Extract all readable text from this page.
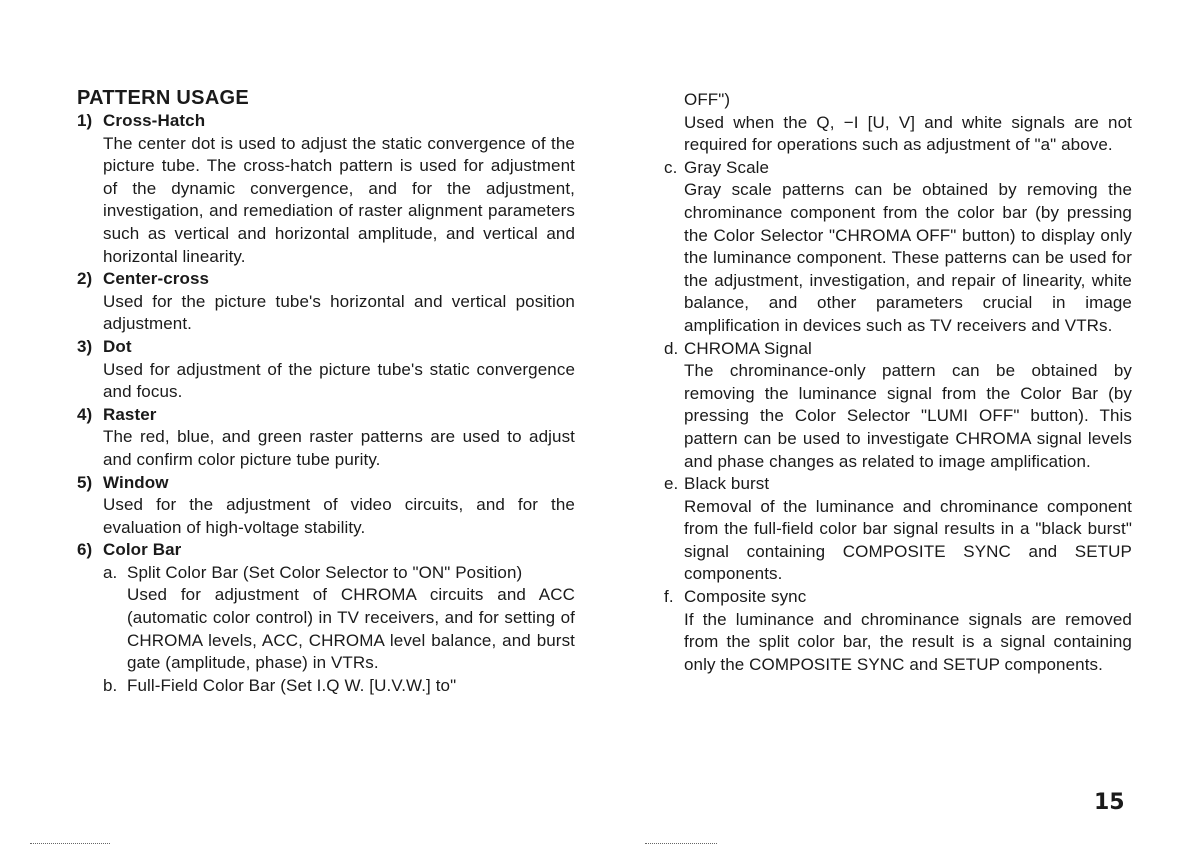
PATTERN USAGE
1) Cross-Hatch
The center dot is used to adjust the static convergence of the picture tube. The cross-hatch pattern is used for adjustment of the dynamic convergence, and for the adjustment, investigation, and remediation of raster alignment parameters such as vertical and horizontal amplitude, and vertical and horizontal linearity.
2) Center-cross
Used for the picture tube's horizontal and vertical position adjustment.
3) Dot
Used for adjustment of the picture tube's static convergence and focus.
4) Raster
The red, blue, and green raster patterns are used to adjust and confirm color picture tube purity.
5) Window
Used for the adjustment of video circuits, and for the evaluation of high-voltage stability.
6) Color Bar
a. Split Color Bar (Set Color Selector to "ON" Position)
Used for adjustment of CHROMA circuits and ACC (automatic color control) in TV receivers, and for setting of CHROMA levels, ACC, CHROMA level balance, and burst gate (amplitude, phase) in VTRs.
b. Full-Field Color Bar (Set I.Q W. [U.V.W.] to"
OFF")
Used when the Q, −I [U, V] and white signals are not required for operations such as adjustment of "a" above.
c. Gray Scale
Gray scale patterns can be obtained by removing the chrominance component from the color bar (by pressing the Color Selector "CHROMA OFF" button) to display only the luminance component. These patterns can be used for the adjustment, investigation, and repair of linearity, white balance, and other parameters crucial in image amplification in devices such as TV receivers and VTRs.
d. CHROMA Signal
The chrominance-only pattern can be obtained by removing the luminance signal from the Color Bar (by pressing the Color Selector "LUMI OFF" button). This pattern can be used to investigate CHROMA signal levels and phase changes as related to image amplification.
e. Black burst
Removal of the luminance and chrominance component from the full-field color bar signal results in a "black burst" signal containing COMPOSITE SYNC and SETUP components.
f. Composite sync
If the luminance and chrominance signals are removed from the split color bar, the result is a signal containing only the COMPOSITE SYNC and SETUP components.
15
